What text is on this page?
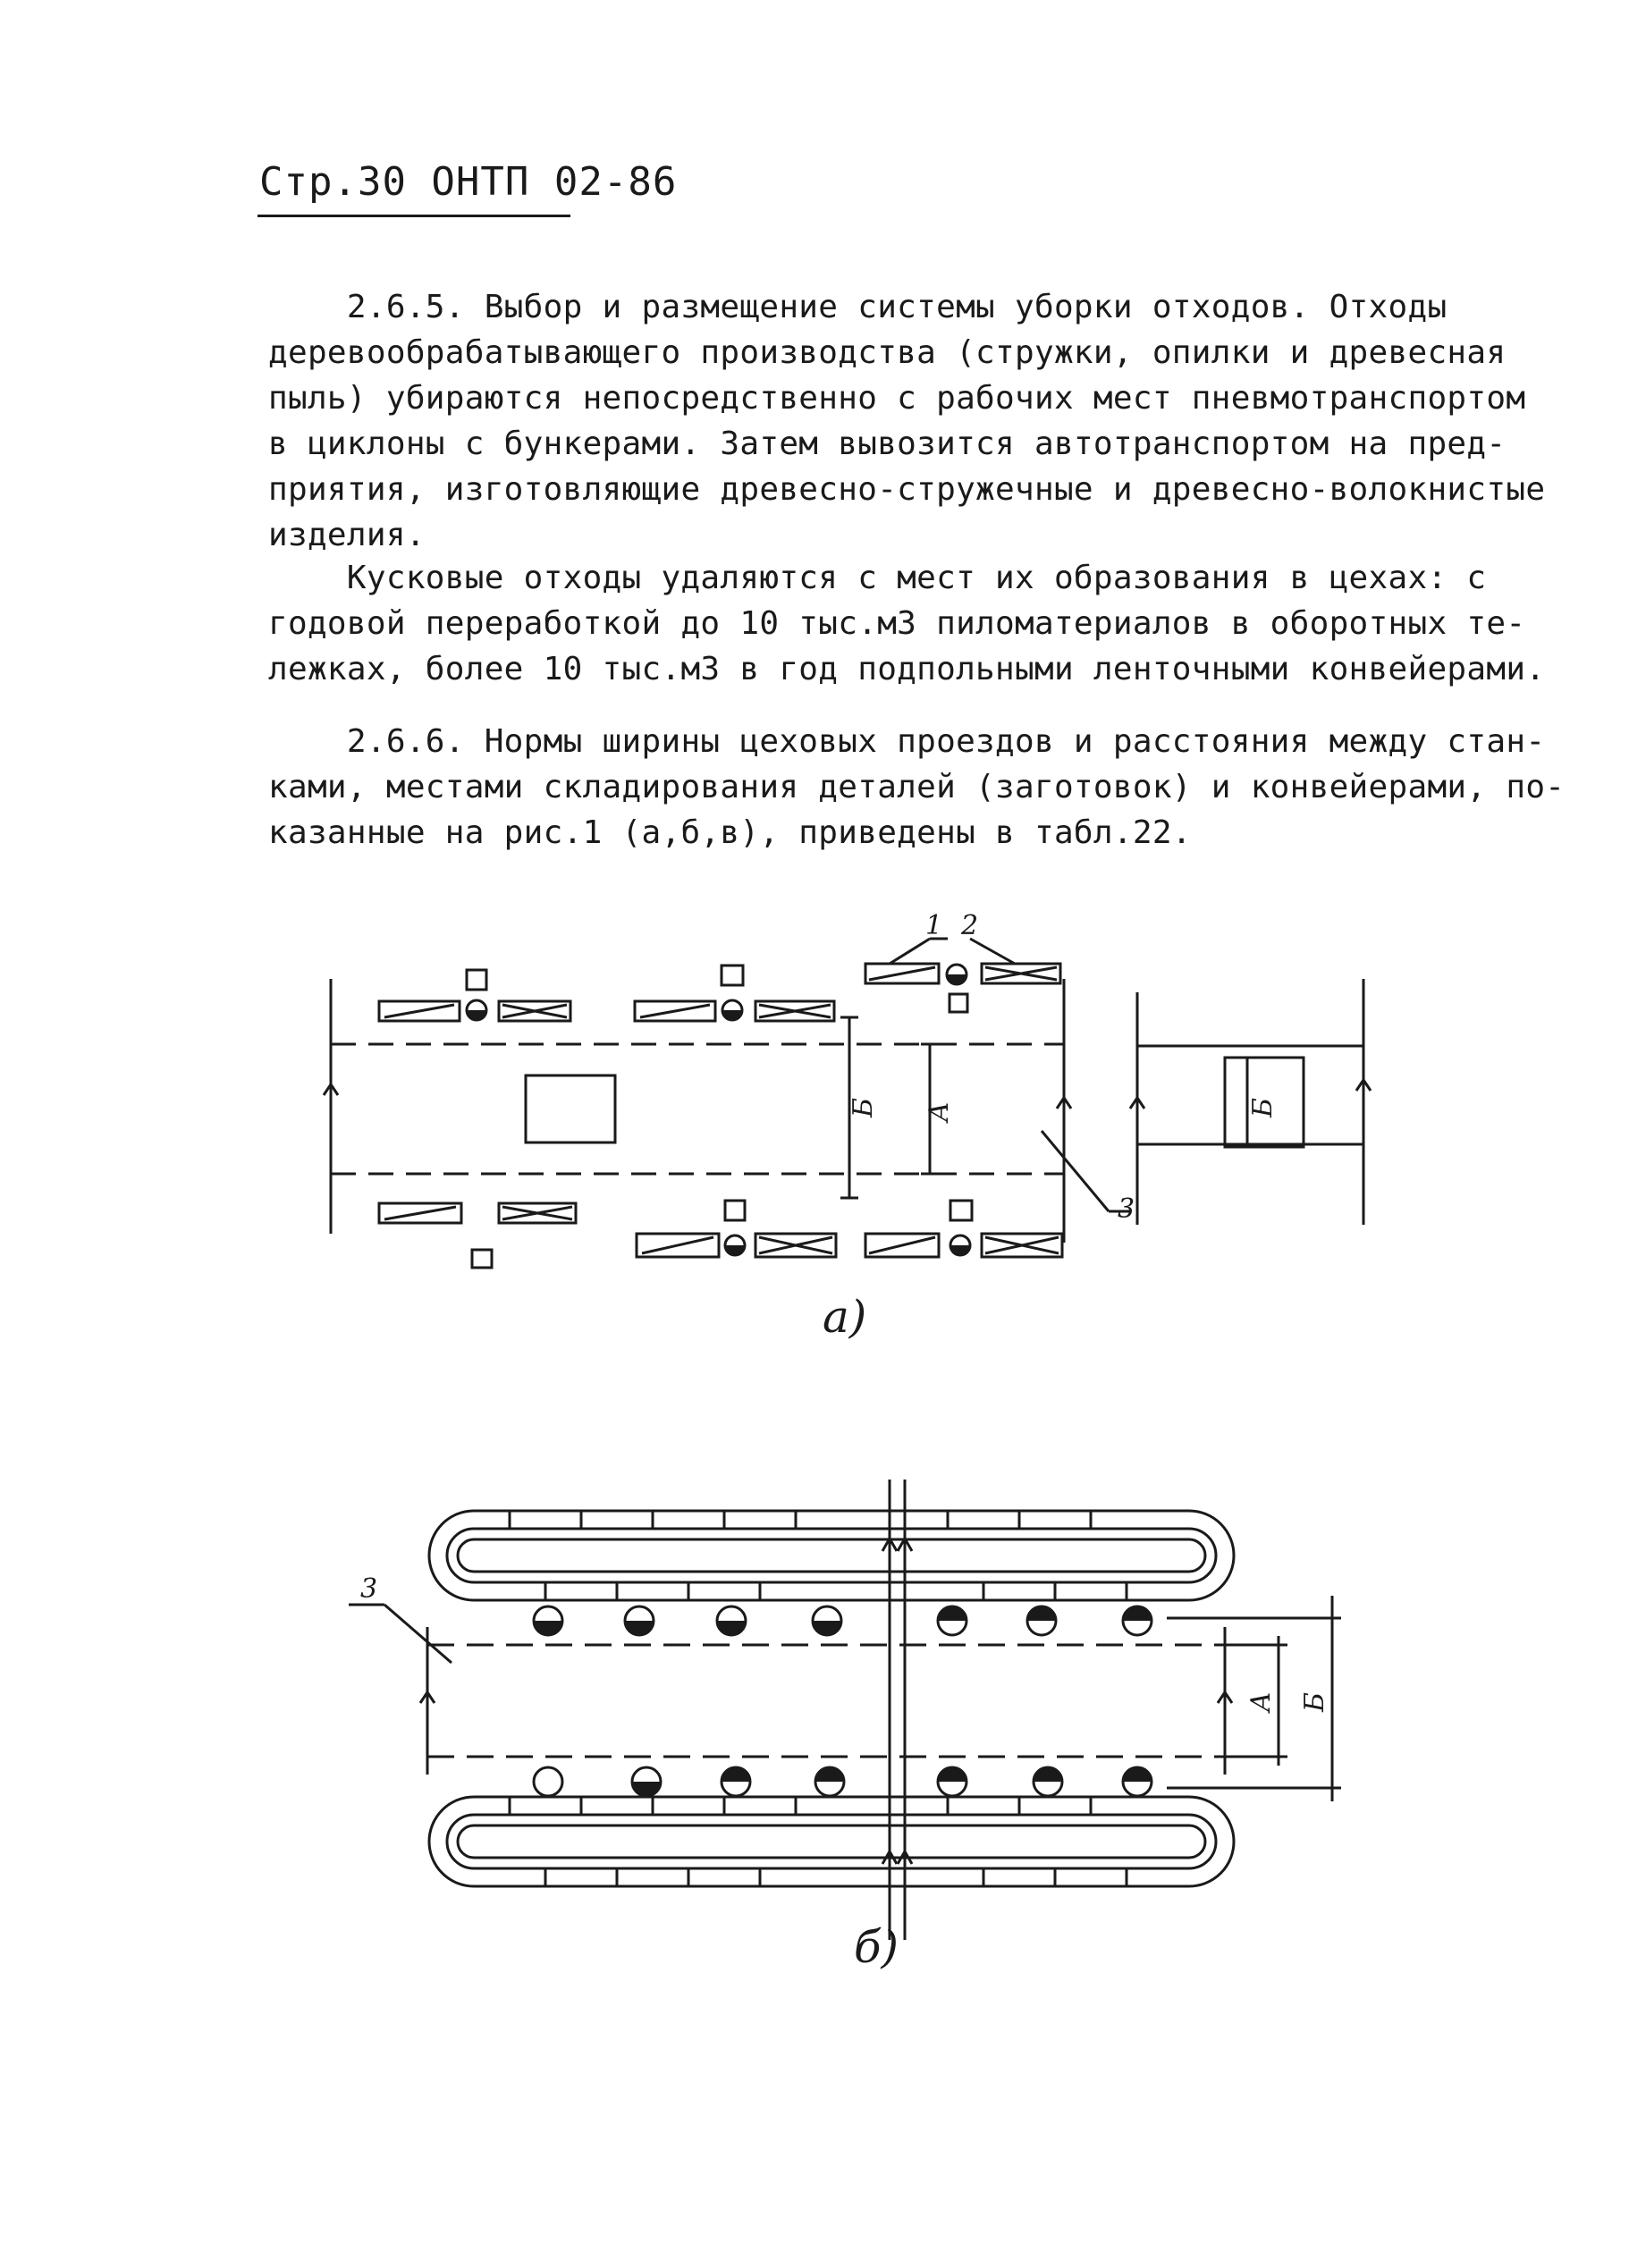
Стр.30 ОНТП 02-86

2.6.5. Выбор и размещение системы уборки отходов. Отходы
деревообрабатывающего производства (стружки, опилки и древесная
пыль) убираются непосредственно с рабочих мест пневмотранспортом
в циклоны с бункерами. Затем вывозится автотранспортом на пред-
приятия, изготовляющие древесно-стружечные и древесно-волокнистые
изделия.

Кусковые отходы удаляются с мест их образования в цехах: с
годовой переработкой до 10 тыс.м3 пиломатериалов в оборотных те-
лежках, более 10 тыс.м3 в год подпольными ленточными конвейерами.

2.6.6. Нормы ширины цеховых проездов и расстояния между стан-
ками, местами складирования деталей (заготовок) и конвейерами, по-
казанные на рис.1 (а,б,в), приведены в табл.22.

1 2
3
Б А	Б
а)
3
А Б
б)
